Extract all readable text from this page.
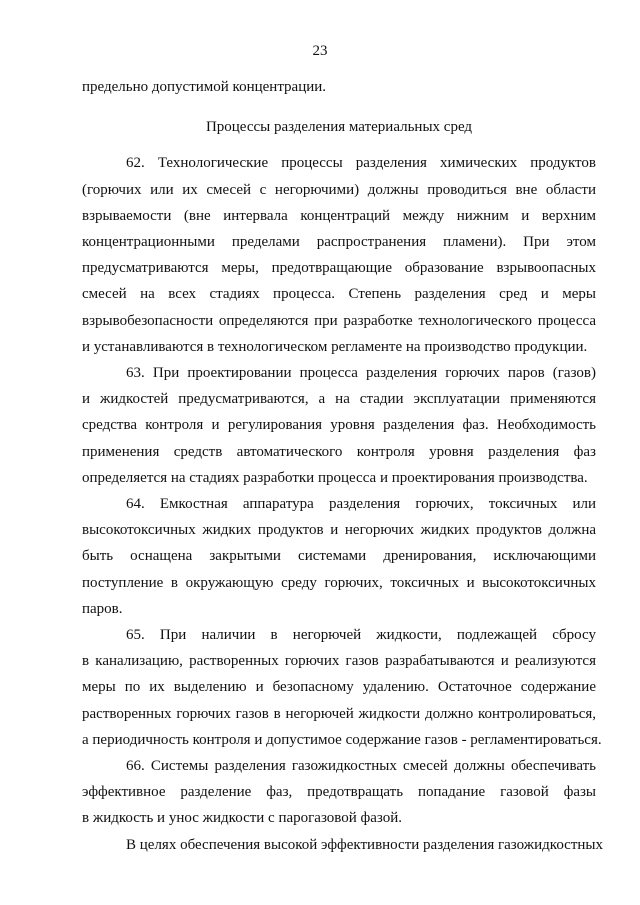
23
предельно допустимой концентрации.

Процессы разделения материальных сред

62. Технологические процессы разделения химических продуктов
(горючих или их смесей с негорючими) должны проводиться вне области
взрываемости (вне интервала концентраций между нижним и верхним
концентрационными пределами распространения пламени). При этом
предусматриваются меры, предотвращающие образование взрывоопасных
смесей на всех стадиях процесса. Степень разделения сред и меры
взрывобезопасности определяются при разработке технологического процесса
и устанавливаются в технологическом регламенте на производство продукции.
63. При проектировании процесса разделения горючих паров (газов)
и жидкостей предусматриваются, а на стадии эксплуатации применяются
средства контроля и регулирования уровня разделения фаз. Необходимость
применения средств автоматического контроля уровня разделения фаз
определяется на стадиях разработки процесса и проектирования производства.
64. Емкостная аппаратура разделения горючих, токсичных или
высокотоксичных жидких продуктов и негорючих жидких продуктов должна
быть оснащена закрытыми системами дренирования, исключающими
поступление в окружающую среду горючих, токсичных и высокотоксичных
паров.
65. При наличии в негорючей жидкости, подлежащей сбросу
в канализацию, растворенных горючих газов разрабатываются и реализуются
меры по их выделению и безопасному удалению. Остаточное содержание
растворенных горючих газов в негорючей жидкости должно контролироваться,
а периодичность контроля и допустимое содержание газов - регламентироваться.
66. Системы разделения газожидкостных смесей должны обеспечивать
эффективное разделение фаз, предотвращать попадание газовой фазы
в жидкость и унос жидкости с парогазовой фазой.
В целях обеспечения высокой эффективности разделения газожидкостных
